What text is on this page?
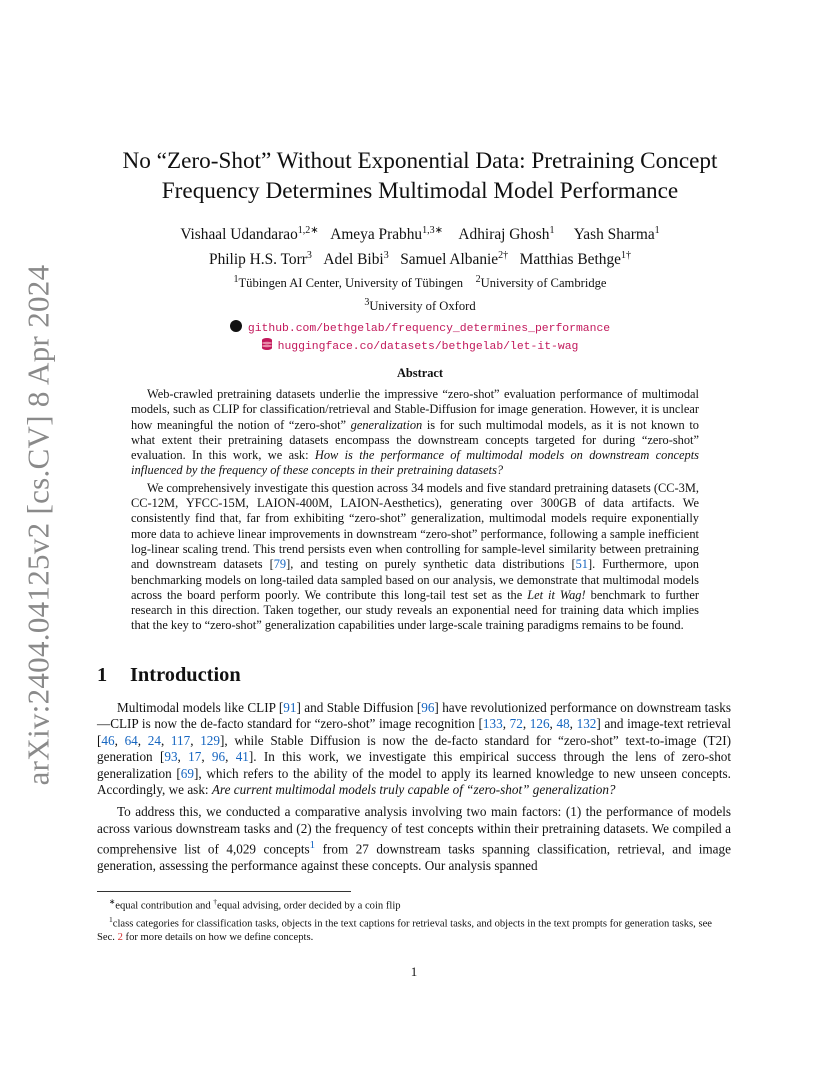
arXiv:2404.04125v2 [cs.CV] 8 Apr 2024
No “Zero-Shot” Without Exponential Data: Pretraining Concept
Frequency Determines Multimodal Model Performance
Vishaal Udandarao$^{1,2∗}$ Ameya Prabhu$^{1,3∗}$ Adhiraj Ghosh$^1$ Yash Sharma$^1$
Philip H.S. Torr$^3$ Adel Bibi$^3$ Samuel Albanie$^{2\dagger}$ Matthias Bethge$^{1\dagger}$
$^1$Tübingen AI Center, University of Tübingen $^2$University of Cambridge
$^3$University of Oxford
github.com/bethgelab/frequency_determines_performance
huggingface.co/datasets/bethgelab/let-it-wag
Abstract

Web-crawled pretraining datasets underlie the impressive “zero-shot” evaluation performance of multimodal models, such as CLIP for classification/retrieval and Stable-Diffusion for image generation. However, it is unclear how meaningful the notion of “zero-shot” generalization is for such multimodal models, as it is not known to what extent their pretraining datasets encompass the downstream concepts targeted for during “zero-shot” evaluation. In this work, we ask: How is the performance of multimodal models on downstream concepts influenced by the frequency of these concepts in their pretraining datasets?

We comprehensively investigate this question across 34 models and five standard pretraining datasets (CC-3M, CC-12M, YFCC-15M, LAION-400M, LAION-Aesthetics), generating over 300GB of data artifacts. We consistently find that, far from exhibiting “zero-shot” generalization, multimodal models require exponentially more data to achieve linear improvements in downstream “zero-shot” performance, following a sample inefficient log-linear scaling trend. This trend persists even when controlling for sample-level similarity between pretraining and downstream datasets [79], and testing on purely synthetic data distributions [51]. Furthermore, upon benchmarking models on long-tailed data sampled based on our analysis, we demonstrate that multimodal models across the board perform poorly. We contribute this long-tail test set as the Let it Wag! benchmark to further research in this direction. Taken together, our study reveals an exponential need for training data which implies that the key to “zero-shot” generalization capabilities under large-scale training paradigms remains to be found.

1 Introduction

Multimodal models like CLIP [91] and Stable Diffusion [96] have revolutionized performance on downstream tasks—CLIP is now the de-facto standard for “zero-shot” image recognition [133, 72, 126, 48, 132] and image-text retrieval [46, 64, 24, 117, 129], while Stable Diffusion is now the de-facto standard for “zero-shot” text-to-image (T2I) generation [93, 17, 96, 41]. In this work, we investigate this empirical success through the lens of zero-shot generalization [69], which refers to the ability of the model to apply its learned knowledge to new unseen concepts. Accordingly, we ask: Are current multimodal models truly capable of “zero-shot” generalization?

To address this, we conducted a comparative analysis involving two main factors: (1) the performance of models across various downstream tasks and (2) the frequency of test concepts within their pretraining datasets. We compiled a comprehensive list of 4,029 concepts$^1$ from 27 downstream tasks spanning classification, retrieval, and image generation, assessing the performance against these concepts. Our analysis spanned

∗equal contribution and †equal advising, order decided by a coin flip
$^1$class categories for classification tasks, objects in the text captions for retrieval tasks, and objects in the text prompts for generation tasks, see Sec. 2 for more details on how we define concepts.
1
